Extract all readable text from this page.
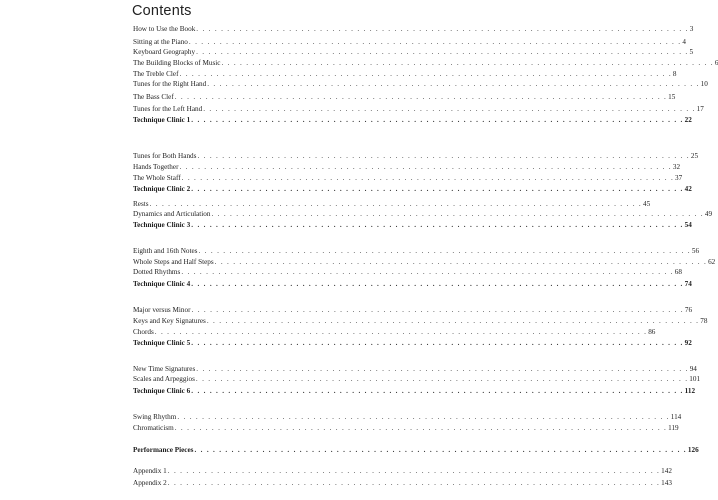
Contents
How to Use the Book . . . . . . . . . . . . . . . . . . . . . . . . . . . . . . . . . . . . . . . . . . . . . . . . . . . . . . . . . . . . . . . . . . . . . . . . . . . . . . . . 3
Sitting at the Piano . . . . . . . . . . . . . . . . . . . . . . . . . . . . . . . . . . . . . . . . . . . . . . . . . . . . . . . . . . . . . . . . . . . . . . . . . . . . . . . . 4
Keyboard Geography . . . . . . . . . . . . . . . . . . . . . . . . . . . . . . . . . . . . . . . . . . . . . . . . . . . . . . . . . . . . . . . . . . . . . . . . . . . . . . . . 5
The Building Blocks of Music . . . . . . . . . . . . . . . . . . . . . . . . . . . . . . . . . . . . . . . . . . . . . . . . . . . . . . . . . . . . . . . . . . . . . . . . . . . . . . . . 6
The Treble Clef . . . . . . . . . . . . . . . . . . . . . . . . . . . . . . . . . . . . . . . . . . . . . . . . . . . . . . . . . . . . . . . . . . . . . . . . . . . . . . . . 8
Tunes for the Right Hand . . . . . . . . . . . . . . . . . . . . . . . . . . . . . . . . . . . . . . . . . . . . . . . . . . . . . . . . . . . . . . . . . . . . . . . . . . . . . . . . 10
The Bass Clef . . . . . . . . . . . . . . . . . . . . . . . . . . . . . . . . . . . . . . . . . . . . . . . . . . . . . . . . . . . . . . . . . . . . . . . . . . . . . . . . 15
Tunes for the Left Hand . . . . . . . . . . . . . . . . . . . . . . . . . . . . . . . . . . . . . . . . . . . . . . . . . . . . . . . . . . . . . . . . . . . . . . . . . . . . . . . . 17
Technique Clinic 1 . . . . . . . . . . . . . . . . . . . . . . . . . . . . . . . . . . . . . . . . . . . . . . . . . . . . . . . . . . . . . . . . . . . . . . . . . . . . . . . . 22
Tunes for Both Hands . . . . . . . . . . . . . . . . . . . . . . . . . . . . . . . . . . . . . . . . . . . . . . . . . . . . . . . . . . . . . . . . . . . . . . . . . . . . . . . . 25
Hands Together . . . . . . . . . . . . . . . . . . . . . . . . . . . . . . . . . . . . . . . . . . . . . . . . . . . . . . . . . . . . . . . . . . . . . . . . . . . . . . . . 32
The Whole Staff . . . . . . . . . . . . . . . . . . . . . . . . . . . . . . . . . . . . . . . . . . . . . . . . . . . . . . . . . . . . . . . . . . . . . . . . . . . . . . . . 37
Technique Clinic 2 . . . . . . . . . . . . . . . . . . . . . . . . . . . . . . . . . . . . . . . . . . . . . . . . . . . . . . . . . . . . . . . . . . . . . . . . . . . . . . . . 42
Rests . . . . . . . . . . . . . . . . . . . . . . . . . . . . . . . . . . . . . . . . . . . . . . . . . . . . . . . . . . . . . . . . . . . . . . . . . . . . . . . . 45
Dynamics and Articulation . . . . . . . . . . . . . . . . . . . . . . . . . . . . . . . . . . . . . . . . . . . . . . . . . . . . . . . . . . . . . . . . . . . . . . . . . . . . . . . . 49
Technique Clinic 3 . . . . . . . . . . . . . . . . . . . . . . . . . . . . . . . . . . . . . . . . . . . . . . . . . . . . . . . . . . . . . . . . . . . . . . . . . . . . . . . . 54
Eighth and 16th Notes . . . . . . . . . . . . . . . . . . . . . . . . . . . . . . . . . . . . . . . . . . . . . . . . . . . . . . . . . . . . . . . . . . . . . . . . . . . . . . . . 56
Whole Steps and Half Steps . . . . . . . . . . . . . . . . . . . . . . . . . . . . . . . . . . . . . . . . . . . . . . . . . . . . . . . . . . . . . . . . . . . . . . . . . . . . . . . . 62
Dotted Rhythms . . . . . . . . . . . . . . . . . . . . . . . . . . . . . . . . . . . . . . . . . . . . . . . . . . . . . . . . . . . . . . . . . . . . . . . . . . . . . . . . 68
Technique Clinic 4 . . . . . . . . . . . . . . . . . . . . . . . . . . . . . . . . . . . . . . . . . . . . . . . . . . . . . . . . . . . . . . . . . . . . . . . . . . . . . . . . 74
Major versus Minor . . . . . . . . . . . . . . . . . . . . . . . . . . . . . . . . . . . . . . . . . . . . . . . . . . . . . . . . . . . . . . . . . . . . . . . . . . . . . . . . 76
Keys and Key Signatures . . . . . . . . . . . . . . . . . . . . . . . . . . . . . . . . . . . . . . . . . . . . . . . . . . . . . . . . . . . . . . . . . . . . . . . . . . . . . . . . 78
Chords . . . . . . . . . . . . . . . . . . . . . . . . . . . . . . . . . . . . . . . . . . . . . . . . . . . . . . . . . . . . . . . . . . . . . . . . . . . . . . . . 86
Technique Clinic 5 . . . . . . . . . . . . . . . . . . . . . . . . . . . . . . . . . . . . . . . . . . . . . . . . . . . . . . . . . . . . . . . . . . . . . . . . . . . . . . . . 92
New Time Signatures . . . . . . . . . . . . . . . . . . . . . . . . . . . . . . . . . . . . . . . . . . . . . . . . . . . . . . . . . . . . . . . . . . . . . . . . . . . . . . . . 94
Scales and Arpeggios . . . . . . . . . . . . . . . . . . . . . . . . . . . . . . . . . . . . . . . . . . . . . . . . . . . . . . . . . . . . . . . . . . . . . . . . . . . . . . . . 101
Technique Clinic 6 . . . . . . . . . . . . . . . . . . . . . . . . . . . . . . . . . . . . . . . . . . . . . . . . . . . . . . . . . . . . . . . . . . . . . . . . . . . . . . . . 112
Swing Rhythm . . . . . . . . . . . . . . . . . . . . . . . . . . . . . . . . . . . . . . . . . . . . . . . . . . . . . . . . . . . . . . . . . . . . . . . . . . . . . . . . 114
Chromaticism . . . . . . . . . . . . . . . . . . . . . . . . . . . . . . . . . . . . . . . . . . . . . . . . . . . . . . . . . . . . . . . . . . . . . . . . . . . . . . . . 119
Performance Pieces . . . . . . . . . . . . . . . . . . . . . . . . . . . . . . . . . . . . . . . . . . . . . . . . . . . . . . . . . . . . . . . . . . . . . . . . . . . . . . . . 126
Appendix 1 . . . . . . . . . . . . . . . . . . . . . . . . . . . . . . . . . . . . . . . . . . . . . . . . . . . . . . . . . . . . . . . . . . . . . . . . . . . . . . . . 142
Appendix 2 . . . . . . . . . . . . . . . . . . . . . . . . . . . . . . . . . . . . . . . . . . . . . . . . . . . . . . . . . . . . . . . . . . . . . . . . . . . . . . . . 143
